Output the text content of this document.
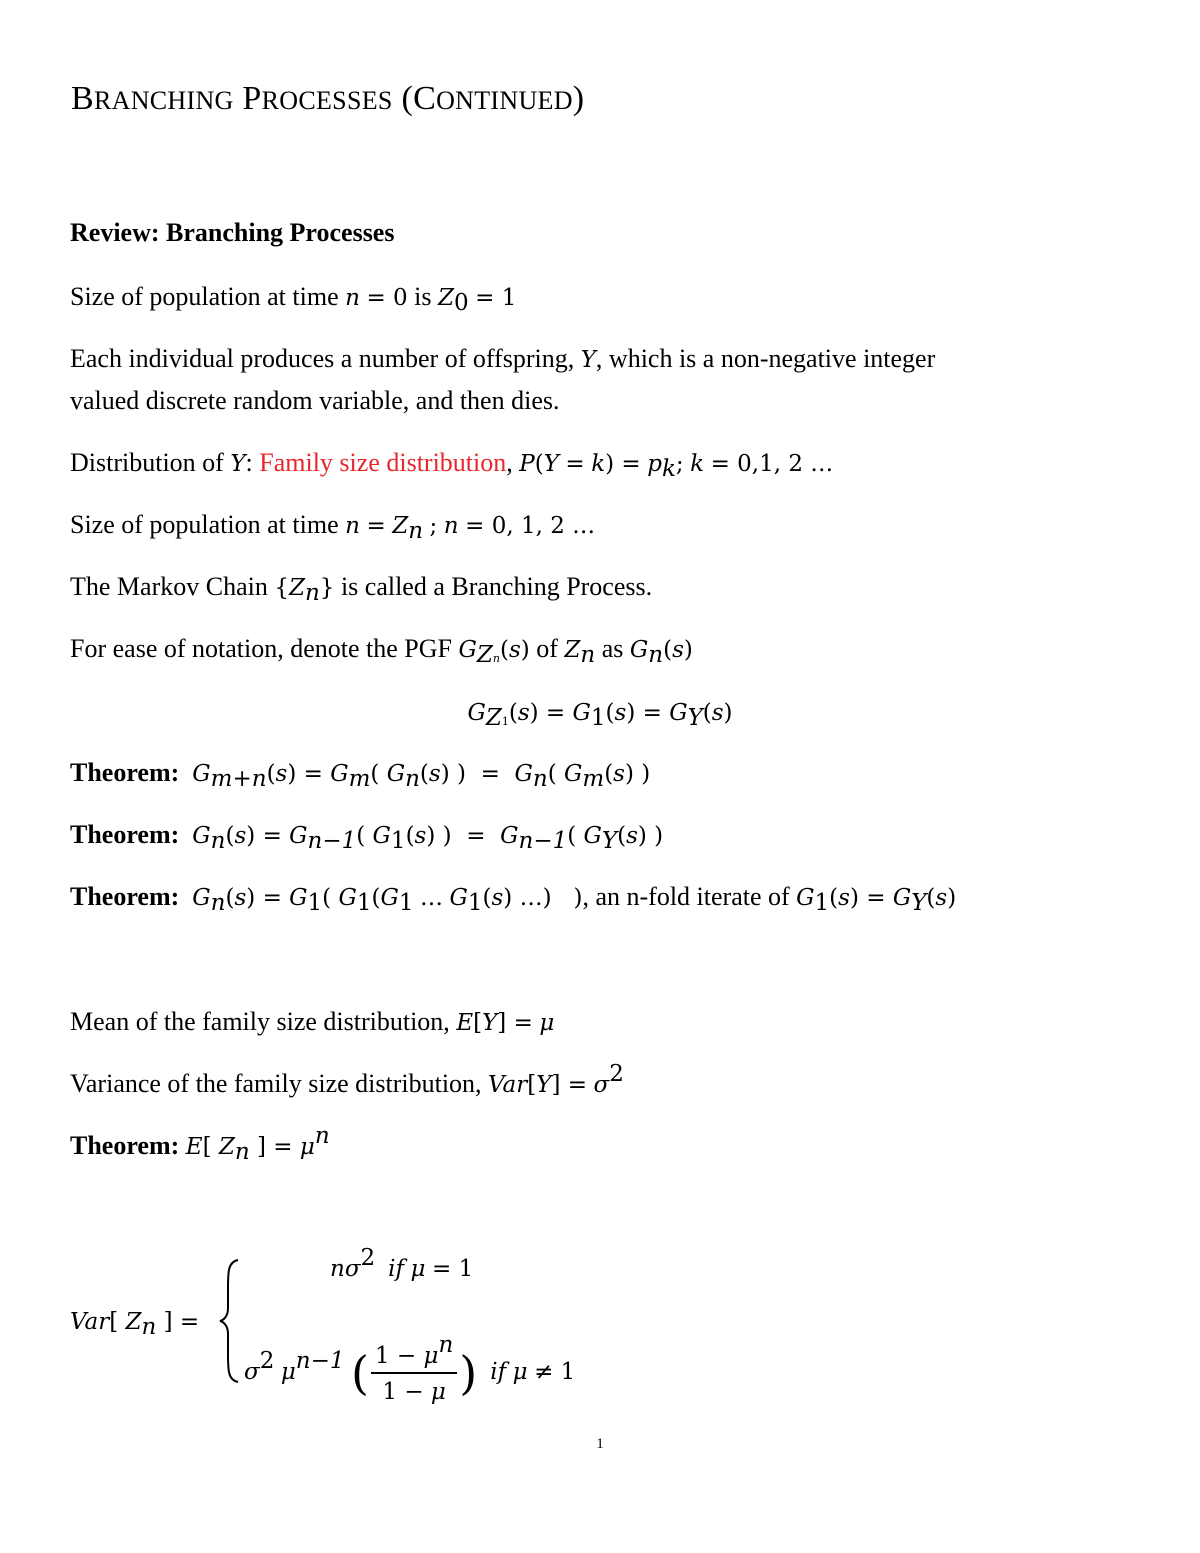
BRANCHING PROCESSES (CONTINUED)
Review: Branching Processes
Size of population at time n = 0 is $Z_0 = 1$
Each individual produces a number of offspring, Y, which is a non-negative integer
valued discrete random variable, and then dies.
Distribution of Y: Family size distribution, $P(Y = k) = p_k$; k = 0,1, 2 …
Size of population at time $n = Z_n$ ; n = 0, 1, 2 …
The Markov Chain $\{Z_n\}$ is called a Branching Process.
For ease of notation, denote the PGF $G_{Zn}(s)$ of $Z_n$ as $G_n(s)$
$G_{Z1}(s) = G_1(s) = G_Y(s)$
Theorem: $G_{m+n}(s) = G_m$( $G_n(s)$ )  =  $G_n$( $G_m(s)$ )
Theorem: $G_n(s) = G_{n-1}$( $G_1(s)$ )  =  $G_{n-1}$( $G_Y(s)$ )
Theorem: $G_n(s) = G_1$( $G_1(G_1$ … $G_1(s)$ …)   ), an n-fold iterate of $G_1(s) = G_Y(s)$
Mean of the family size distribution, E[Y] = μ
Variance of the family size distribution, $Var[Y] = \sigma^2$
Theorem: E[ $Z_n$ ] = $\mu^n$
Var[ $Z_n$ ] =
$n\sigma^2$ if μ = 1
$\sigma^2$ $\mu^{n-1}$ ( $\frac{1 - \mu^n}{1 - \mu}$ ) if μ ≠ 1
1
